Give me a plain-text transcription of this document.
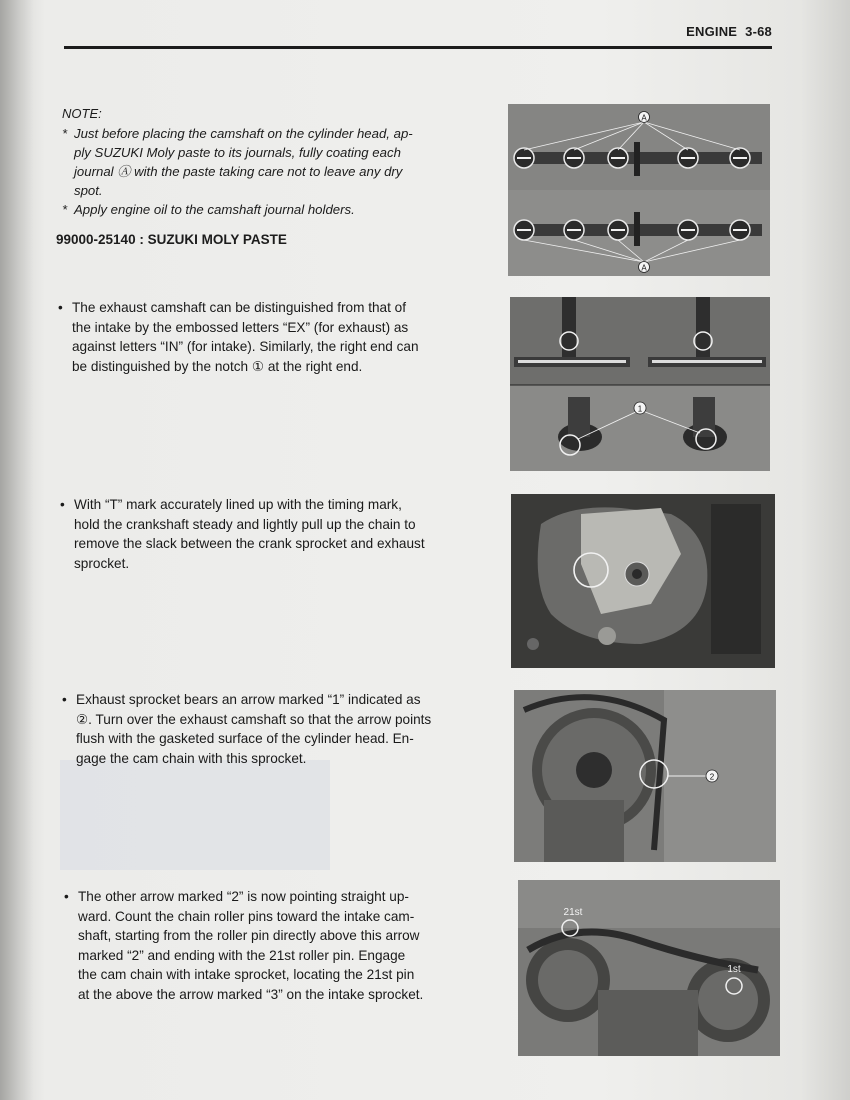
ENGINE 3-68
NOTE:
* Just before placing the camshaft on the cylinder head, ap-
ply SUZUKI Moly paste to its journals, fully coating each
journal Ⓐ with the paste taking care not to leave any dry
spot.
* Apply engine oil to the camshaft journal holders.
99000-25140 : SUZUKI MOLY PASTE
• The exhaust camshaft can be distinguished from that of
the intake by the embossed letters “EX” (for exhaust) as
against letters “IN” (for intake). Similarly, the right end can
be distinguished by the notch ① at the right end.
• With “T” mark accurately lined up with the timing mark,
hold the crankshaft steady and lightly pull up the chain to
remove the slack between the crank sprocket and exhaust
sprocket.
• Exhaust sprocket bears an arrow marked “1” indicated as
②. Turn over the exhaust camshaft so that the arrow points
flush with the gasketed surface of the cylinder head. En-
gage the cam chain with this sprocket.
• The other arrow marked “2” is now pointing straight up-
ward. Count the chain roller pins toward the intake cam-
shaft, starting from the roller pin directly above this arrow
marked “2” and ending with the 21st roller pin. Engage
the cam chain with intake sprocket, locating the 21st pin
at the above the arrow marked “3” on the intake sprocket.
A
A
1
2
21st
1st
